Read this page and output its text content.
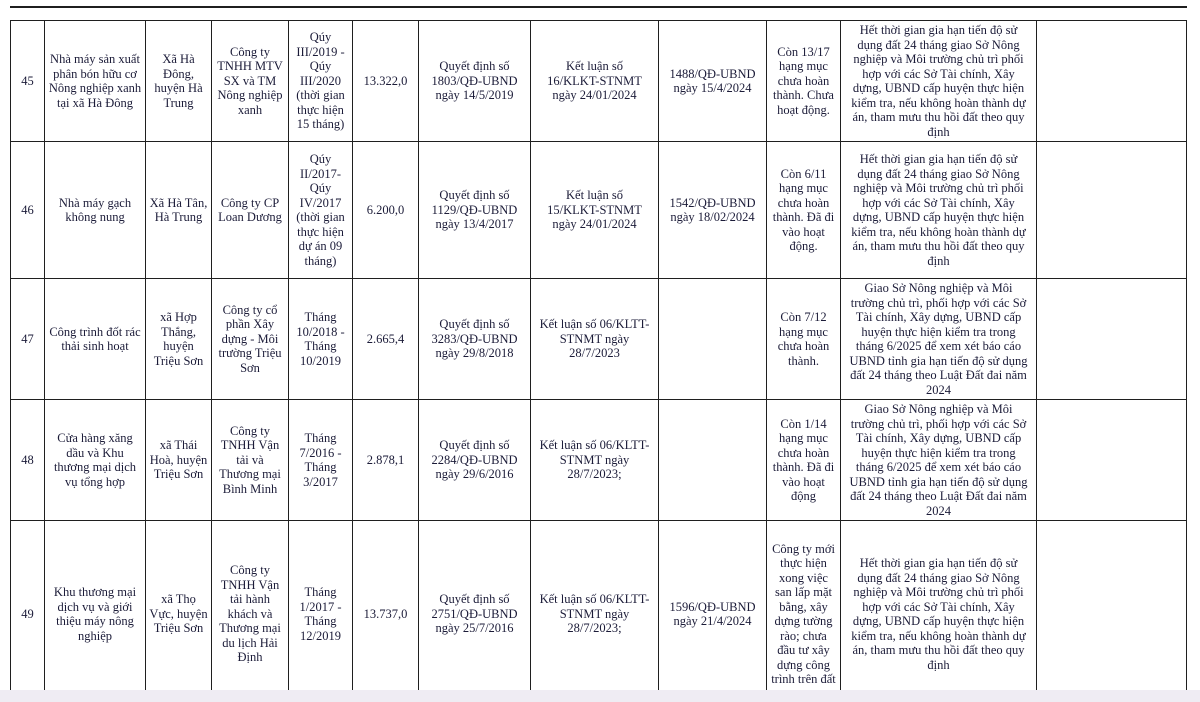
45	Nhà máy sản xuất phân bón hữu cơ Nông nghiệp xanh tại xã Hà Đông	Xã Hà Đông, huyện Hà Trung	Công ty TNHH MTV SX và TM Nông nghiệp xanh	Qúy III/2019 - Qúy III/2020 (thời gian thực hiện 15 tháng)	13.322,0	Quyết định số 1803/QĐ-UBND ngày 14/5/2019	Kết luận số 16/KLKT-STNMT ngày 24/01/2024	1488/QĐ-UBND ngày 15/4/2024	Còn 13/17 hạng mục chưa hoàn thành. Chưa hoạt động.	Hết thời gian gia hạn tiến độ sử dụng đất 24 tháng giao Sở Nông nghiệp và Môi trường chủ trì phối hợp với các Sở Tài chính, Xây dựng, UBND cấp huyện thực hiện kiểm tra, nếu không hoàn thành dự án, tham mưu thu hồi đất theo quy định	
46	Nhà máy gạch không nung	Xã Hà Tân, Hà Trung	Công ty CP Loan Dương	Qúy II/2017- Qúy IV/2017 (thời gian thực hiện dự án 09 tháng)	6.200,0	Quyết định số 1129/QĐ-UBND ngày 13/4/2017	Kết luận số 15/KLKT-STNMT ngày 24/01/2024	1542/QĐ-UBND ngày 18/02/2024	Còn 6/11 hạng mục chưa hoàn thành. Đã đi vào hoạt động.	Hết thời gian gia hạn tiến độ sử dụng đất 24 tháng giao Sở Nông nghiệp và Môi trường chủ trì phối hợp với các Sở Tài chính, Xây dựng, UBND cấp huyện thực hiện kiểm tra, nếu không hoàn thành dự án, tham mưu thu hồi đất theo quy định	
47	Công trình đốt rác thải sinh hoạt	xã Hợp Thắng, huyện Triệu Sơn	Công ty cổ phần Xây dựng - Môi trường Triệu Sơn	Tháng 10/2018 - Tháng 10/2019	2.665,4	Quyết định số 3283/QĐ-UBND ngày 29/8/2018	Kết luận số 06/KLTT-STNMT ngày 28/7/2023		Còn 7/12 hạng mục chưa hoàn thành.	Giao Sở Nông nghiệp và Môi trường chủ trì, phối hợp với các Sở Tài chính, Xây dựng, UBND cấp huyện thực hiện kiểm tra trong tháng 6/2025 để xem xét báo cáo UBND tỉnh gia hạn tiến độ sử dụng đất 24 tháng theo Luật Đất đai năm 2024	
48	Cửa hàng xăng dầu và Khu thương mại dịch vụ tổng hợp	xã Thái Hoà, huyện Triệu Sơn	Công ty TNHH Vận tải và Thương mại Bình Minh	Tháng 7/2016 - Tháng 3/2017	2.878,1	Quyết định số 2284/QĐ-UBND ngày 29/6/2016	Kết luận số 06/KLTT-STNMT ngày 28/7/2023;		Còn 1/14 hạng mục chưa hoàn thành. Đã đi vào hoạt động	Giao Sở Nông nghiệp và Môi trường chủ trì, phối hợp với các Sở Tài chính, Xây dựng, UBND cấp huyện thực hiện kiểm tra trong tháng 6/2025 để xem xét báo cáo UBND tỉnh gia hạn tiến độ sử dụng đất 24 tháng theo Luật Đất đai năm 2024	
49	Khu thương mại dịch vụ và giới thiệu máy nông nghiệp	xã Thọ Vực, huyện Triệu Sơn	Công ty TNHH Vận tải hành khách và Thương mại du lịch Hải Định	Tháng 1/2017 - Tháng 12/2019	13.737,0	Quyết định số 2751/QĐ-UBND ngày 25/7/2016	Kết luận số 06/KLTT-STNMT ngày 28/7/2023;	1596/QĐ-UBND ngày 21/4/2024	Công ty mới thực hiện xong việc san lấp mặt bằng, xây dựng tường rào; chưa đầu tư xây dựng công trình trên đất	Hết thời gian gia hạn tiến độ sử dụng đất 24 tháng giao Sở Nông nghiệp và Môi trường chủ trì phối hợp với các Sở Tài chính, Xây dựng, UBND cấp huyện thực hiện kiểm tra, nếu không hoàn thành dự án, tham mưu thu hồi đất theo quy định	
